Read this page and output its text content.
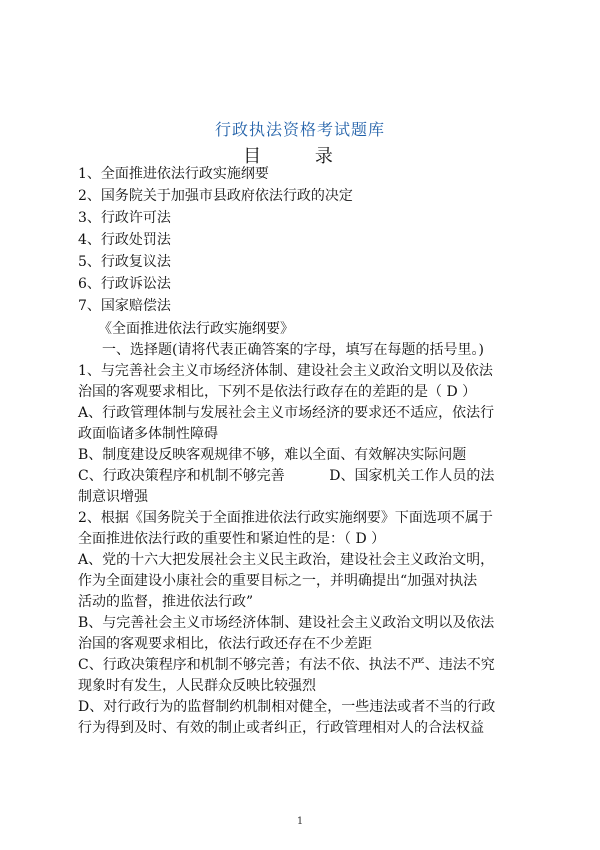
行政执法资格考试题库
目 录
1、全面推进依法行政实施纲要
2、国务院关于加强市县政府依法行政的决定
3、行政许可法
4、行政处罚法
5、行政复议法
6、行政诉讼法
7、国家赔偿法
《全面推进依法行政实施纲要》
一、选择题(请将代表正确答案的字母，填写在每题的括号里。)
1、与完善社会主义市场经济体制、建设社会主义政治文明以及依法
治国的客观要求相比，下列不是依法行政存在的差距的是（ D ）
A、行政管理体制与发展社会主义市场经济的要求还不适应，依法行
政面临诸多体制性障碍
B、制度建设反映客观规律不够，难以全面、有效解决实际问题
C、行政决策程序和机制不够完善          D、国家机关工作人员的法
制意识增强
2、根据《国务院关于全面推进依法行政实施纲要》下面选项不属于
全面推进依法行政的重要性和紧迫性的是：（ D ）
A、党的十六大把发展社会主义民主政治，建设社会主义政治文明，
作为全面建设小康社会的重要目标之一，并明确提出“加强对执法
活动的监督，推进依法行政”
B、与完善社会主义市场经济体制、建设社会主义政治文明以及依法
治国的客观要求相比，依法行政还存在不少差距
C、行政决策程序和机制不够完善；有法不依、执法不严、违法不究
现象时有发生，人民群众反映比较强烈
D、对行政行为的监督制约机制相对健全，一些违法或者不当的行政
行为得到及时、有效的制止或者纠正，行政管理相对人的合法权益
1
